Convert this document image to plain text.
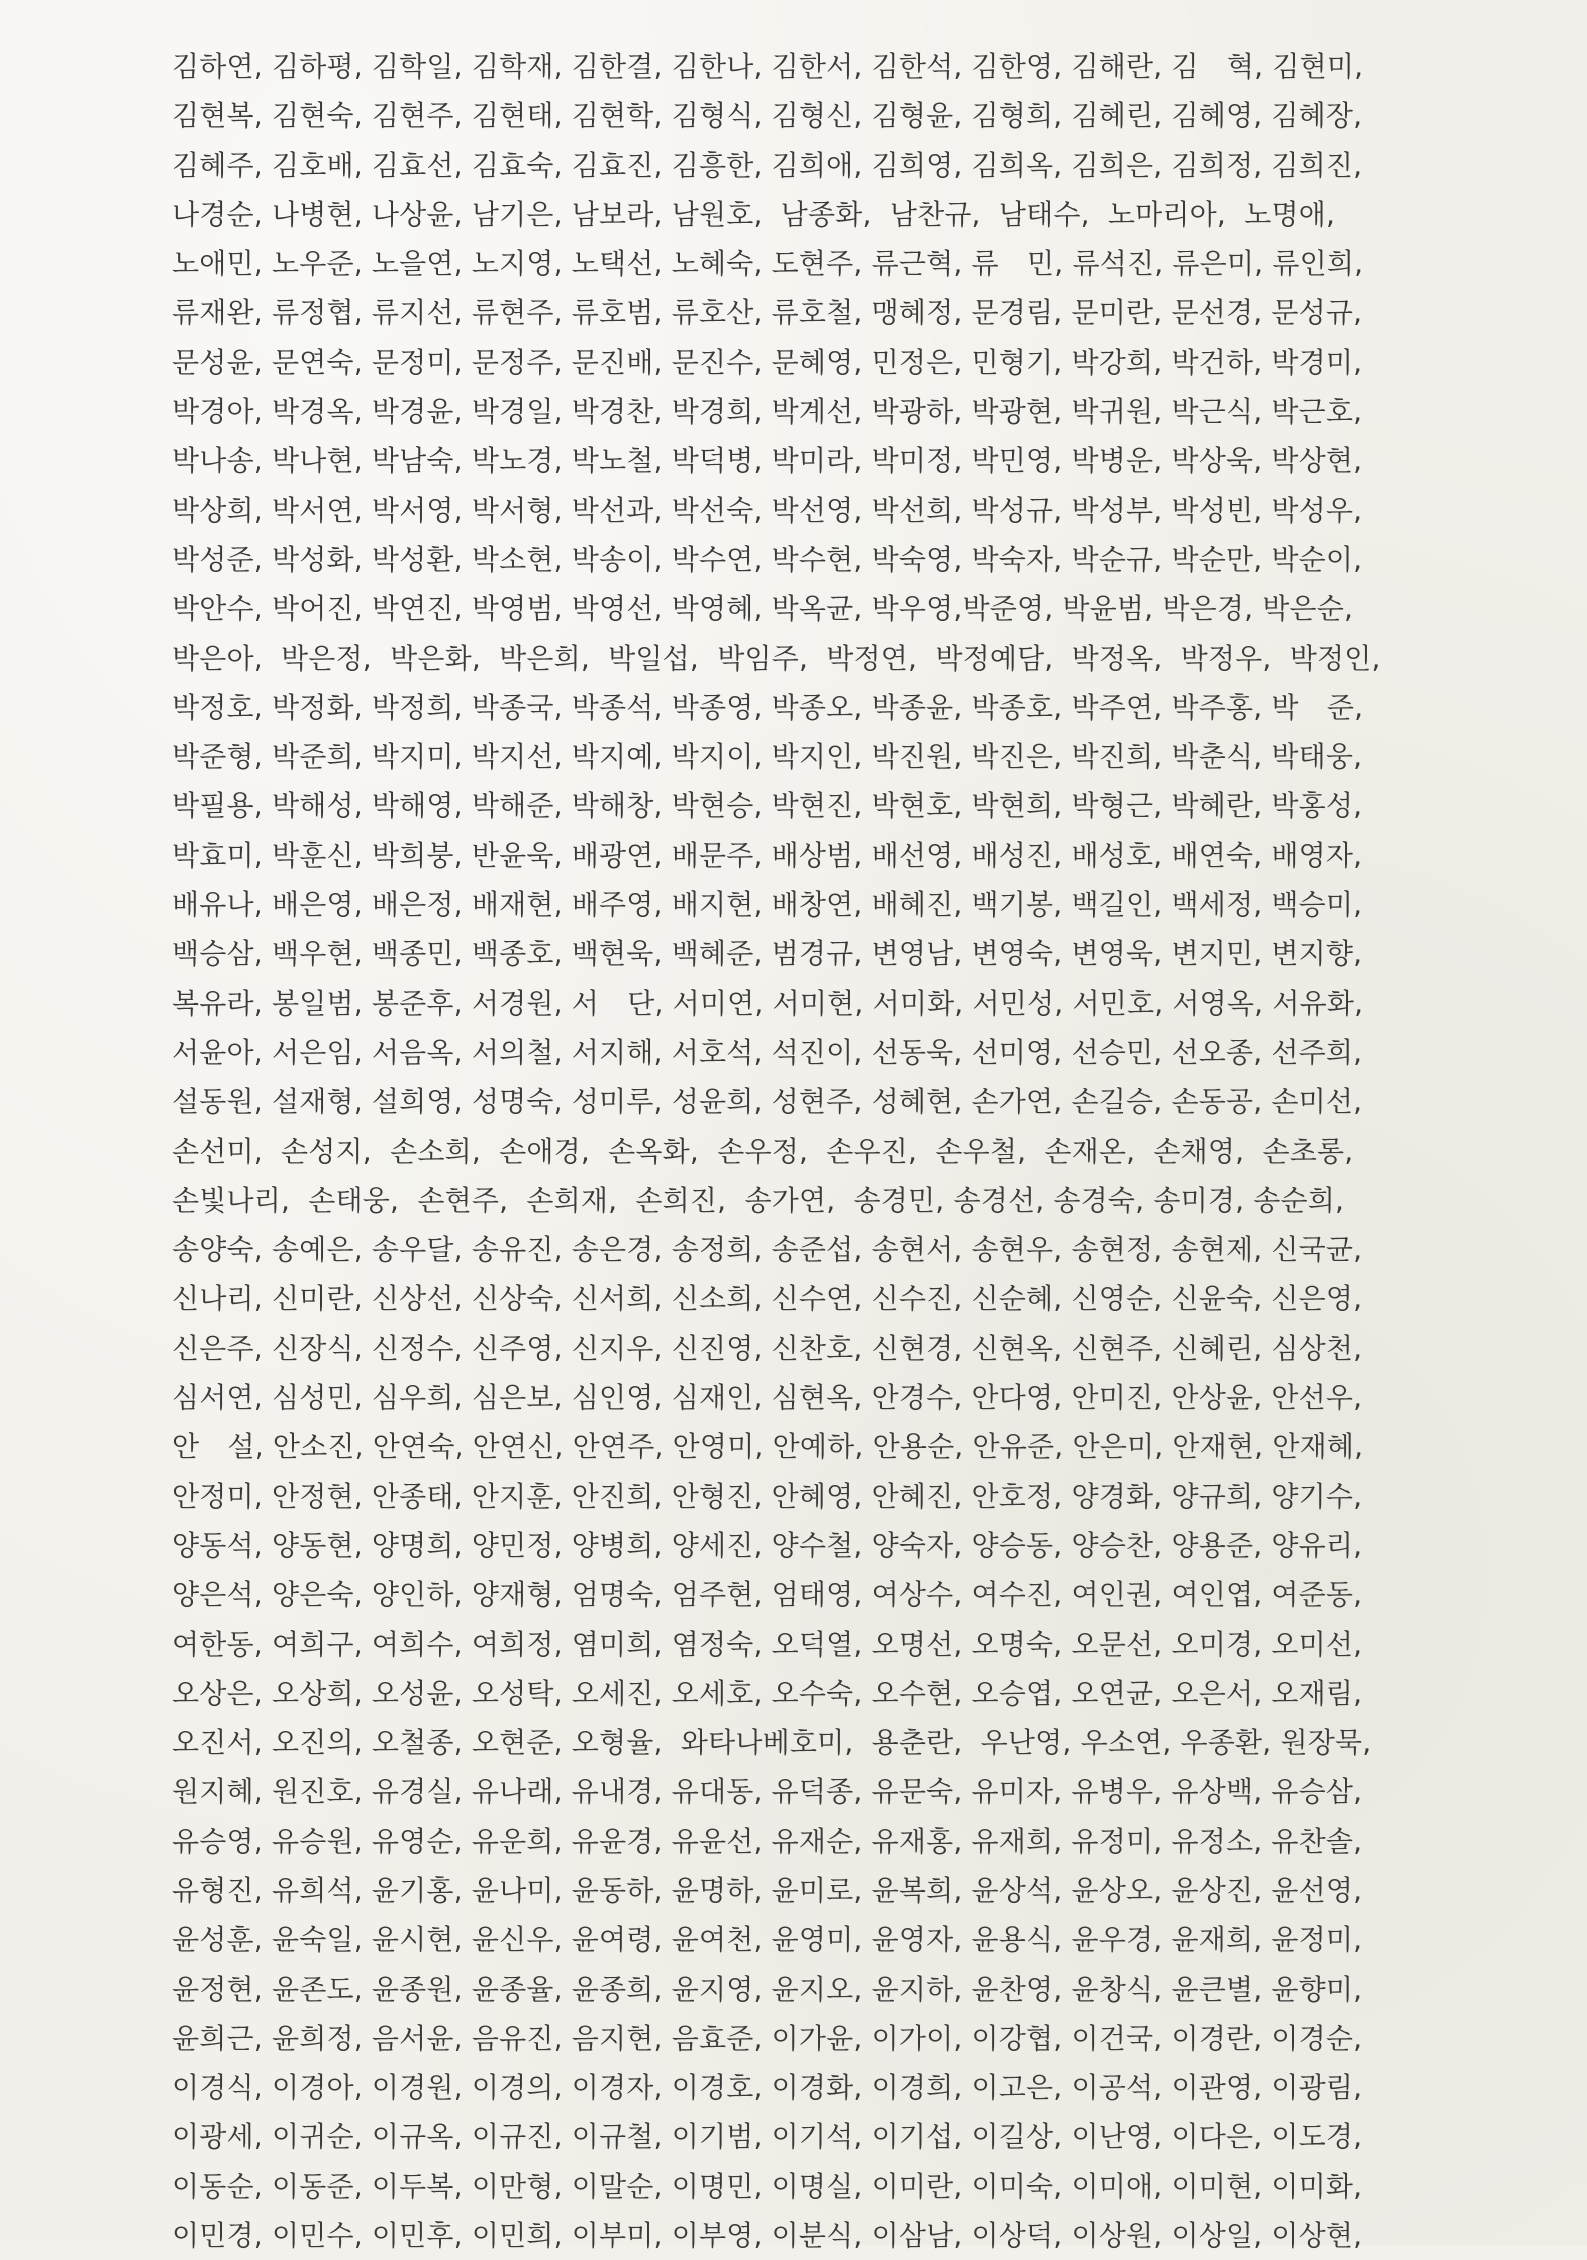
김하연, 김하평, 김학일, 김학재, 김한결, 김한나, 김한서, 김한석, 김한영, 김해란, 김　혁, 김현미,
김현복, 김현숙, 김현주, 김현태, 김현학, 김형식, 김형신, 김형윤, 김형희, 김혜린, 김혜영, 김혜장,
김혜주, 김호배, 김효선, 김효숙, 김효진, 김흥한, 김희애, 김희영, 김희옥, 김희은, 김희정, 김희진,
나경순, 나병현, 나상윤, 남기은, 남보라, 남원호,  남종화,  남찬규,  남태수,  노마리아,  노명애,
노애민, 노우준, 노을연, 노지영, 노택선, 노혜숙, 도현주, 류근혁, 류　민, 류석진, 류은미, 류인희,
류재완, 류정협, 류지선, 류현주, 류호범, 류호산, 류호철, 맹혜정, 문경림, 문미란, 문선경, 문성규,
문성윤, 문연숙, 문정미, 문정주, 문진배, 문진수, 문혜영, 민정은, 민형기, 박강희, 박건하, 박경미,
박경아, 박경옥, 박경윤, 박경일, 박경찬, 박경희, 박계선, 박광하, 박광현, 박귀원, 박근식, 박근호,
박나송, 박나현, 박남숙, 박노경, 박노철, 박덕병, 박미라, 박미정, 박민영, 박병운, 박상욱, 박상현,
박상희, 박서연, 박서영, 박서형, 박선과, 박선숙, 박선영, 박선희, 박성규, 박성부, 박성빈, 박성우,
박성준, 박성화, 박성환, 박소현, 박송이, 박수연, 박수현, 박숙영, 박숙자, 박순규, 박순만, 박순이,
박안수, 박어진, 박연진, 박영범, 박영선, 박영혜, 박옥균, 박우영,박준영, 박윤범, 박은경, 박은순,
박은아,  박은정,  박은화,  박은희,  박일섭,  박임주,  박정연,  박정예담,  박정옥,  박정우,  박정인,
박정호, 박정화, 박정희, 박종국, 박종석, 박종영, 박종오, 박종윤, 박종호, 박주연, 박주홍, 박　준,
박준형, 박준희, 박지미, 박지선, 박지예, 박지이, 박지인, 박진원, 박진은, 박진희, 박춘식, 박태웅,
박필용, 박해성, 박해영, 박해준, 박해창, 박현승, 박현진, 박현호, 박현희, 박형근, 박혜란, 박홍성,
박효미, 박훈신, 박희붕, 반윤욱, 배광연, 배문주, 배상범, 배선영, 배성진, 배성호, 배연숙, 배영자,
배유나, 배은영, 배은정, 배재현, 배주영, 배지현, 배창연, 배혜진, 백기봉, 백길인, 백세정, 백승미,
백승삼, 백우현, 백종민, 백종호, 백현욱, 백혜준, 범경규, 변영남, 변영숙, 변영욱, 변지민, 변지향,
복유라, 봉일범, 봉준후, 서경원, 서　단, 서미연, 서미현, 서미화, 서민성, 서민호, 서영옥, 서유화,
서윤아, 서은임, 서음옥, 서의철, 서지해, 서호석, 석진이, 선동욱, 선미영, 선승민, 선오종, 선주희,
설동원, 설재형, 설희영, 성명숙, 성미루, 성윤희, 성현주, 성혜현, 손가연, 손길승, 손동공, 손미선,
손선미,  손성지,  손소희,  손애경,  손옥화,  손우정,  손우진,  손우철,  손재온,  손채영,  손초롱,
손빛나리,  손태웅,  손현주,  손희재,  손희진,  송가연,  송경민, 송경선, 송경숙, 송미경, 송순희,
송양숙, 송예은, 송우달, 송유진, 송은경, 송정희, 송준섭, 송현서, 송현우, 송현정, 송현제, 신국균,
신나리, 신미란, 신상선, 신상숙, 신서희, 신소희, 신수연, 신수진, 신순혜, 신영순, 신윤숙, 신은영,
신은주, 신장식, 신정수, 신주영, 신지우, 신진영, 신찬호, 신현경, 신현옥, 신현주, 신혜린, 심상천,
심서연, 심성민, 심우희, 심은보, 심인영, 심재인, 심현옥, 안경수, 안다영, 안미진, 안상윤, 안선우,
안　설, 안소진, 안연숙, 안연신, 안연주, 안영미, 안예하, 안용순, 안유준, 안은미, 안재현, 안재혜,
안정미, 안정현, 안종태, 안지훈, 안진희, 안형진, 안혜영, 안혜진, 안호정, 양경화, 양규희, 양기수,
양동석, 양동현, 양명희, 양민정, 양병희, 양세진, 양수철, 양숙자, 양승동, 양승찬, 양용준, 양유리,
양은석, 양은숙, 양인하, 양재형, 엄명숙, 엄주현, 엄태영, 여상수, 여수진, 여인권, 여인엽, 여준동,
여한동, 여희구, 여희수, 여희정, 염미희, 염정숙, 오덕열, 오명선, 오명숙, 오문선, 오미경, 오미선,
오상은, 오상희, 오성윤, 오성탁, 오세진, 오세호, 오수숙, 오수현, 오승엽, 오연균, 오은서, 오재림,
오진서, 오진의, 오철종, 오현준, 오형율,  와타나베호미,  용춘란,  우난영, 우소연, 우종환, 원장묵,
원지혜, 원진호, 유경실, 유나래, 유내경, 유대동, 유덕종, 유문숙, 유미자, 유병우, 유상백, 유승삼,
유승영, 유승원, 유영순, 유운희, 유윤경, 유윤선, 유재순, 유재홍, 유재희, 유정미, 유정소, 유찬솔,
유형진, 유희석, 윤기홍, 윤나미, 윤동하, 윤명하, 윤미로, 윤복희, 윤상석, 윤상오, 윤상진, 윤선영,
윤성훈, 윤숙일, 윤시현, 윤신우, 윤여령, 윤여천, 윤영미, 윤영자, 윤용식, 윤우경, 윤재희, 윤정미,
윤정현, 윤존도, 윤종원, 윤종율, 윤종희, 윤지영, 윤지오, 윤지하, 윤찬영, 윤창식, 윤큰별, 윤향미,
윤희근, 윤희정, 음서윤, 음유진, 음지현, 음효준, 이가윤, 이가이, 이강협, 이건국, 이경란, 이경순,
이경식, 이경아, 이경원, 이경의, 이경자, 이경호, 이경화, 이경희, 이고은, 이공석, 이관영, 이광림,
이광세, 이귀순, 이규옥, 이규진, 이규철, 이기범, 이기석, 이기섭, 이길상, 이난영, 이다은, 이도경,
이동순, 이동준, 이두복, 이만형, 이말순, 이명민, 이명실, 이미란, 이미숙, 이미애, 이미현, 이미화,
이민경, 이민수, 이민후, 이민희, 이부미, 이부영, 이분식, 이삼남, 이상덕, 이상원, 이상일, 이상현,
